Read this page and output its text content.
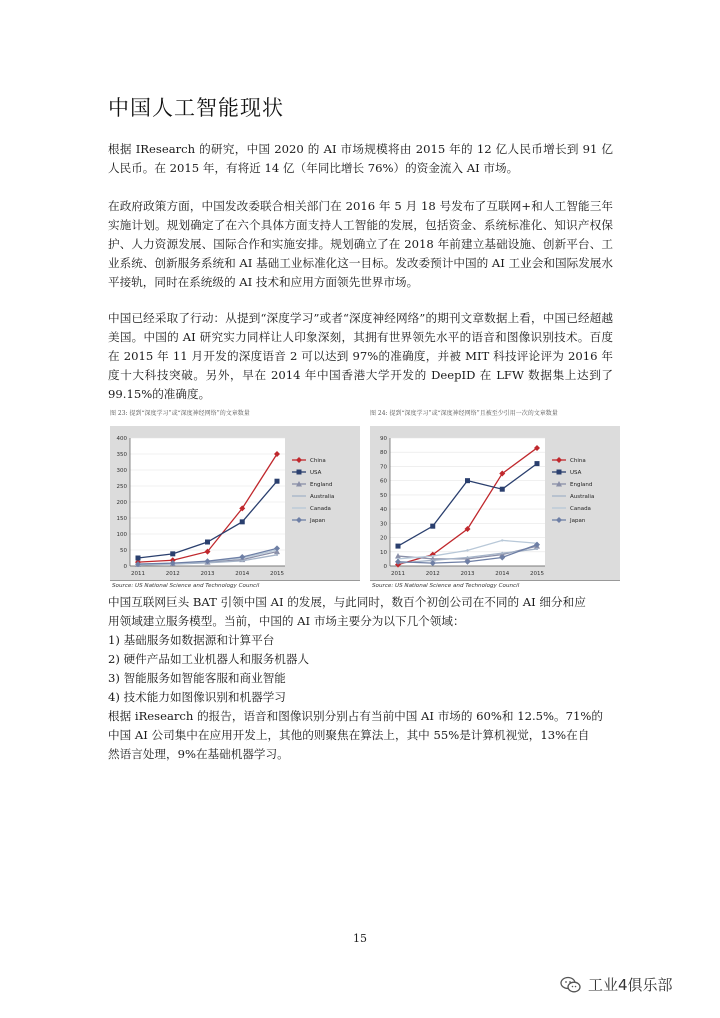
中国人工智能现状
根据 IResearch 的研究，中国 2020 的 AI 市场规模将由 2015 年的 12 亿人民币增长到 91 亿人民币。在 2015 年，有将近 14 亿（年同比增长 76%）的资金流入 AI 市场。
在政府政策方面，中国发改委联合相关部门在 2016 年 5 月 18 号发布了互联网+和人工智能三年实施计划。规划确定了在六个具体方面支持人工智能的发展，包括资金、系统标准化、知识产权保护、人力资源发展、国际合作和实施安排。规划确立了在 2018 年前建立基础设施、创新平台、工业系统、创新服务系统和 AI 基础工业标准化这一目标。发改委预计中国的 AI 工业会和国际发展水平接轨，同时在系统级的 AI 技术和应用方面领先世界市场。
中国已经采取了行动：从提到“深度学习”或者“深度神经网络”的期刊文章数据上看，中国已经超越美国。中国的 AI 研究实力同样让人印象深刻，其拥有世界领先水平的语音和图像识别技术。百度在 2015 年 11 月开发的深度语音 2 可以达到 97%的准确度，并被 MIT 科技评论评为 2016 年度十大科技突破。另外，早在 2014 年中国香港大学开发的 DeepID 在 LFW 数据集上达到了 99.15%的准确度。
图 23: 提到“深度学习”或“深度神经网络”的文章数量
0
50
100
150
200
250
300
350
400
2011	2012	2013	2014	2015
China
USA
England
Australia
Canada
Japan
Source: US National Science and Technology Council
图 24: 提到“深度学习”或“深度神经网络”且被至少引用一次的文章数量
0
10
20
30
40
50
60
70
80
90
2011	2012	2013	2014	2015
China
USA
England
Australia
Canada
Japan
Source: US National Science and Technology Council
中国互联网巨头 BAT 引领中国 AI 的发展，与此同时，数百个初创公司在不同的 AI 细分和应
用领域建立服务模型。当前，中国的 AI 市场主要分为以下几个领域：
1) 基础服务如数据源和计算平台
2) 硬件产品如工业机器人和服务机器人
3) 智能服务如智能客服和商业智能
4) 技术能力如图像识别和机器学习
根据 iResearch 的报告，语音和图像识别分别占有当前中国 AI 市场的 60%和 12.5%。71%的
中国 AI 公司集中在应用开发上，其他的则聚焦在算法上，其中 55%是计算机视觉，13%在自
然语言处理，9%在基础机器学习。
15
工业4俱乐部
